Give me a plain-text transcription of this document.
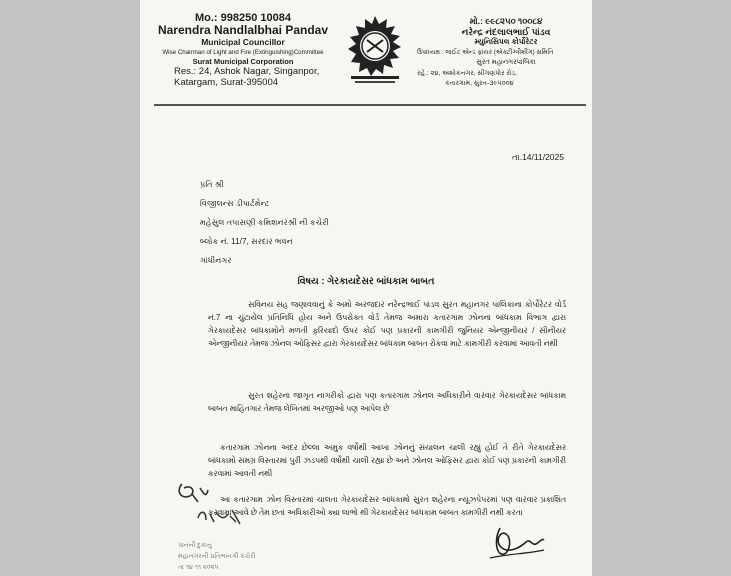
Mo.: 998250 10084
Narendra Nandlalbhai Pandav
Municipal Councillor
Wise Chairman of Light and Fire (Extinguishing)Committee
Surat Municipal Corporation
Res.: 24, Ashok Nagar, Singanpor,
Katargam, Surat-395004
મો.: ૯૯૮૨૫૦ ૧૦૦૮૪
નરેન્દ્ર નંદલાલભાઈ પાંડવ
મ્યુનિસિપલ કોર્પોરેટર
ઉપાધ્યક્ષ : લાઈટ એન્ડ ફાયર (એક્ટીંગ્વીશીંગ) સમિતિ
સુરત મહાનગરપાલિકા
રહે.: ૨૪, અશોકનગર, સીંગણપોર રોડ,
કતારગામ, સુરત-૩૯૫૦૦૪
તા.14/11/2025
પ્રતિ શ્રી
વિજીલન્સ ડીપાર્ટમેન્ટ
મહેસુલ તપાસણી કમિશનરશ્રી ની કચેરી
બ્લોક નં. 11/7, સરદાર ભવન
ગાંધીનગર
વિષય : ગેરકાયદેસર બાંધકામ બાબત
સવિનય સહ જણાવવાનું કે અમો અરજદાર નરેન્દ્રભાઈ પાંડવ સુરત મહાનગર પાલિકાના કોર્પોરેટર વોર્ડ નં.7 ના ચુંટાયેલ પ્રતિનિધિ હોય અને ઉપરોક્ત વોર્ડ તેમજ અમારા કતારગામ ઝોનના બાંધકામ વિભાગ દ્વારા ગેરકાયદેસર બાંધકામોને મળતી ફરિયાદો ઉપર કોઈ પણ પ્રકારની કામગીરી જુનિયર એન્જીનીયર / સીનીયર એન્જીનીયર તેમજ ઝોનલ ઓફિસર દ્વારા ગેરકાયદેસર બાંધકામ બાબત રોકવા માટે કામગીરી કરવામાં આવતી નથી
સુરત શહેરના જાગૃત નાગરીકો દ્વારા પણ કતારગામ ઝોનલ અધિકારીને વારંવાર ગેરકાયદેસર બાંધકામ બાબત માહિતગાર તેમજ લેખિતમાં અરજીઓ પણ આપેલ છે
કતારગામ ઝોનના અંદર છેલ્લા અમુક વર્ષોથી આખા ઝોનનું સંચાલન ચાલી રહ્યું હોઈ તે રીતે ગેરકાયદેસર બાંધકામો સમગ્ર વિસ્તારમાં પુરી ઝડપથી વર્ષોથી ચાલી રહ્યા છે અને ઝોનલ ઓફિસર દ્વારા કોઈ પણ પ્રકારની કામગીરી કરવામાં આવતી નથી
આ કતારગામ ઝોન વિસ્તારમાં ચાલતા ગેરકાયદેસર બાંધકામો સુરત શહેરના ન્યૂઝપેપરમાં પણ વારંવાર પ્રકાશિત કરવામાં આવે છે તેમ છતાં અધિકારીઓ ક્યા લાભો થી ગેરકાયદેસર બાંધકામ બાબત કામગીરી નથી કરતા
પાનની દુકાનુ
મહાનગરની પ્રતિભાનગી કચેરી
તા ૧૪ ૧૧ ૨૦૨૫
